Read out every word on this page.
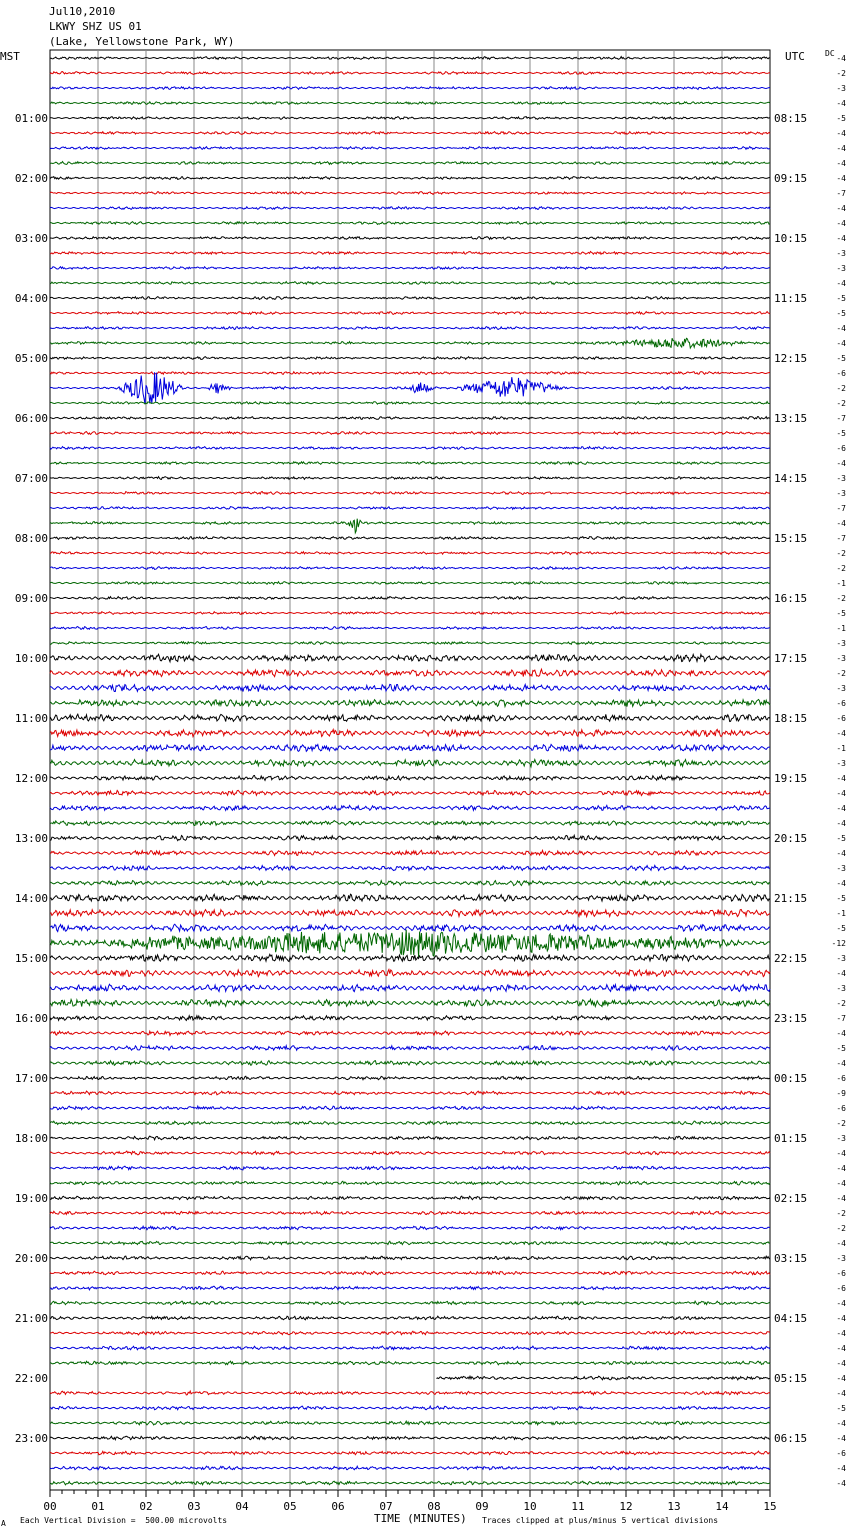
Jul10,2010
LKWY SHZ US 01
(Lake, Yellowstone Park, WY)
MST	UTC	DC
01:00
02:00
03:00
04:00
05:00
06:00
07:00
08:00
09:00
10:00
11:00
12:00
13:00
14:00
15:00
16:00
17:00
18:00
19:00
20:00
21:00
22:00
23:00
08:15
09:15
10:15
11:15
12:15
13:15
14:15
15:15
16:15
17:15
18:15
19:15
20:15
21:15
22:15
23:15
00:15
01:15
02:15
03:15
04:15
05:15
06:15
-4
-2
-3
-4
-5
-4
-4
-4
-4
-7
-4
-4
-4
-3
-3
-4
-5
-5
-4
-4
-5
-6
-2
-2
-7
-5
-6
-4
-3
-3
-7
-4
-7
-2
-2
-1
-2
-5
-1
-3
-3
-2
-3
-6
-6
-4
-1
-3
-4
-4
-4
-4
-5
-4
-3
-4
-5
-1
-5
-12
-3
-4
-3
-2
-7
-4
-5
-4
-6
-9
-6
-2
-3
-4
-4
-4
-4
-2
-2
-4
-3
-6
-6
-4
-4
-4
-4
-4
-4
-4
-5
-4
-4
-6
-4
-4
00	01	02	03	04	05	06	07	08	09	10	11	12	13	14	15
A Each Vertical Division =  500.00 microvolts	TIME (MINUTES) Traces clipped at plus/minus 5 vertical divisions
